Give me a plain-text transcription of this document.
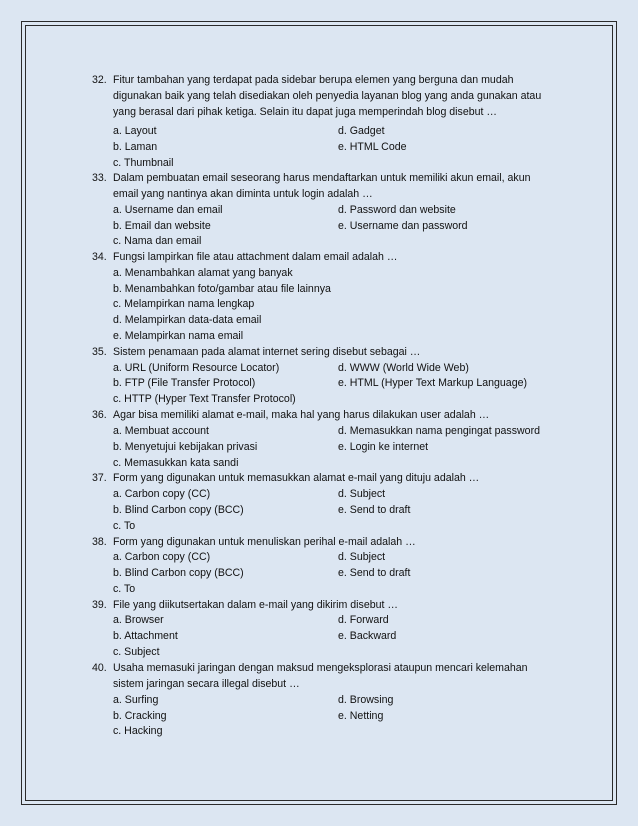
32. Fitur tambahan yang terdapat pada sidebar berupa elemen yang berguna dan mudah
digunakan baik yang telah disediakan oleh penyedia layanan blog yang anda gunakan atau
yang berasal dari pihak ketiga. Selain itu dapat juga memperindah blog disebut …
a. Layout	d. Gadget
b. Laman	e. HTML Code
c. Thumbnail
33. Dalam pembuatan email seseorang harus mendaftarkan untuk memiliki akun email, akun
email yang nantinya akan diminta untuk login adalah …
a. Username dan email	d. Password dan website
b. Email dan website	e. Username dan password
c. Nama dan email
34. Fungsi lampirkan file atau attachment dalam email adalah …
a. Menambahkan alamat yang banyak
b. Menambahkan foto/gambar atau file lainnya
c. Melampirkan nama lengkap
d. Melampirkan data-data email
e. Melampirkan nama email
35. Sistem penamaan pada alamat internet sering disebut sebagai …
a. URL (Uniform Resource Locator)	d. WWW (World Wide Web)
b. FTP (File Transfer Protocol)	e. HTML (Hyper Text Markup Language)
c. HTTP (Hyper Text Transfer Protocol)
36. Agar bisa memiliki alamat e-mail, maka hal yang harus dilakukan user adalah …
a. Membuat account	d. Memasukkan nama pengingat password
b. Menyetujui kebijakan privasi	e. Login ke internet
c. Memasukkan kata sandi
37. Form yang digunakan untuk memasukkan alamat e-mail yang dituju adalah …
a. Carbon copy (CC)	d. Subject
b. Blind Carbon copy (BCC)	e. Send to draft
c. To
38. Form yang digunakan untuk menuliskan perihal e-mail adalah …
a. Carbon copy (CC)	d. Subject
b. Blind Carbon copy (BCC)	e. Send to draft
c. To
39. File yang diikutsertakan dalam e-mail yang dikirim disebut …
a. Browser	d. Forward
b. Attachment	e. Backward
c. Subject
40. Usaha memasuki jaringan dengan maksud mengeksplorasi ataupun mencari kelemahan
sistem jaringan secara illegal disebut …
a. Surfing	d. Browsing
b. Cracking	e. Netting
c. Hacking
